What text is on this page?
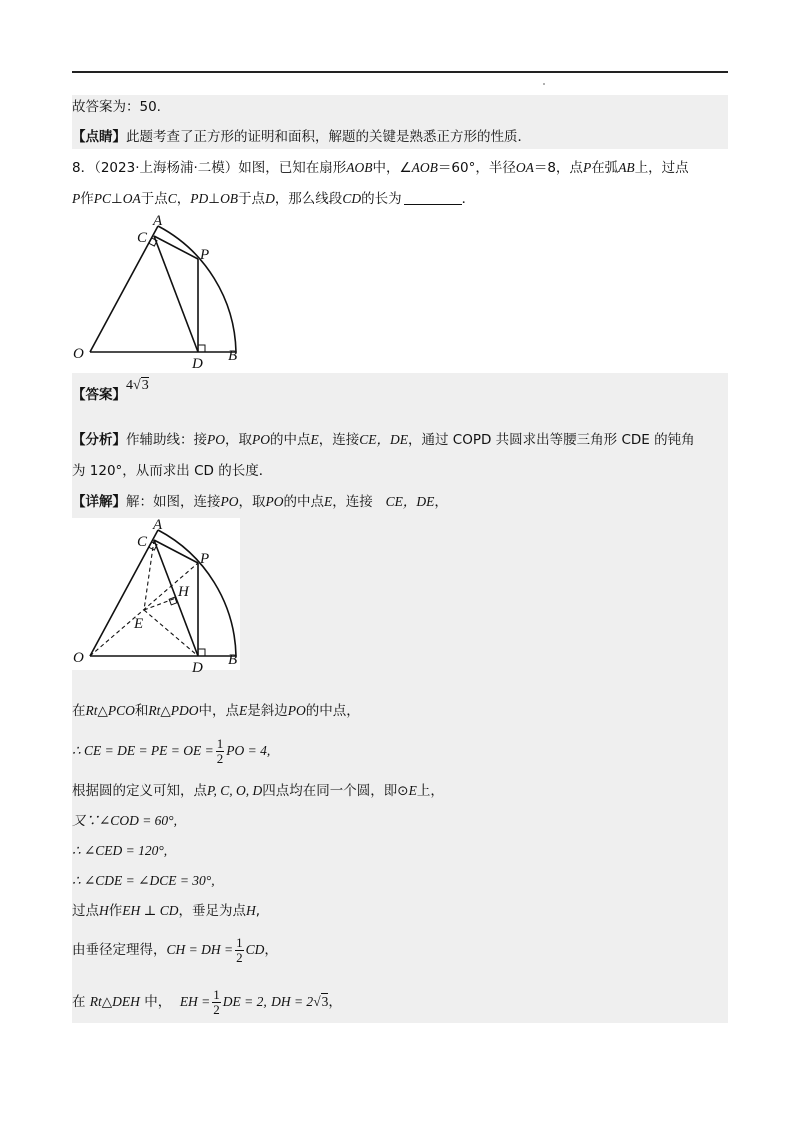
故答案为：50.
【点睛】此题考查了正方形的证明和面积，解题的关键是熟悉正方形的性质．
8．（2023·上海杨浦·二模）如图，已知在扇形AOB中，∠AOB＝60°，半径OA＝8，点P在弧AB上，过点
P作PC⊥OA于点C，PD⊥OB于点D，那么线段CD的长为	．
A
C
P
O
D B
【答案】4√3
【分析】作辅助线：接PO，取PO的中点E，连接CE，DE，通过 COPD 共圆求出等腰三角形 CDE 的钝角
为 120°，从而求出 CD 的长度．
【详解】解：如图，连接PO，取PO的中点E，连接 CE，DE，
A
C
P
H
E
O
D B
在Rt△PCO和Rt△PDO中，点E是斜边PO的中点，
∴ CE = DE = PE = OE = $\frac{1}{2}$ PO = 4,
根据圆的定义可知，点P, C, O, D四点均在同一个圆，即⊙E上，
又∵∠COD = 60°,
∴ ∠CED = 120°,
∴ ∠CDE = ∠DCE = 30°,
过点H作EH ⊥ CD，垂足为点H,
由垂径定理得， CH = DH = $\frac{1}{2}$ CD ，
在
Rt△DEH
中，
EH = $\frac{1}{2}$ DE = 2,
DH = 2 √3 ，
